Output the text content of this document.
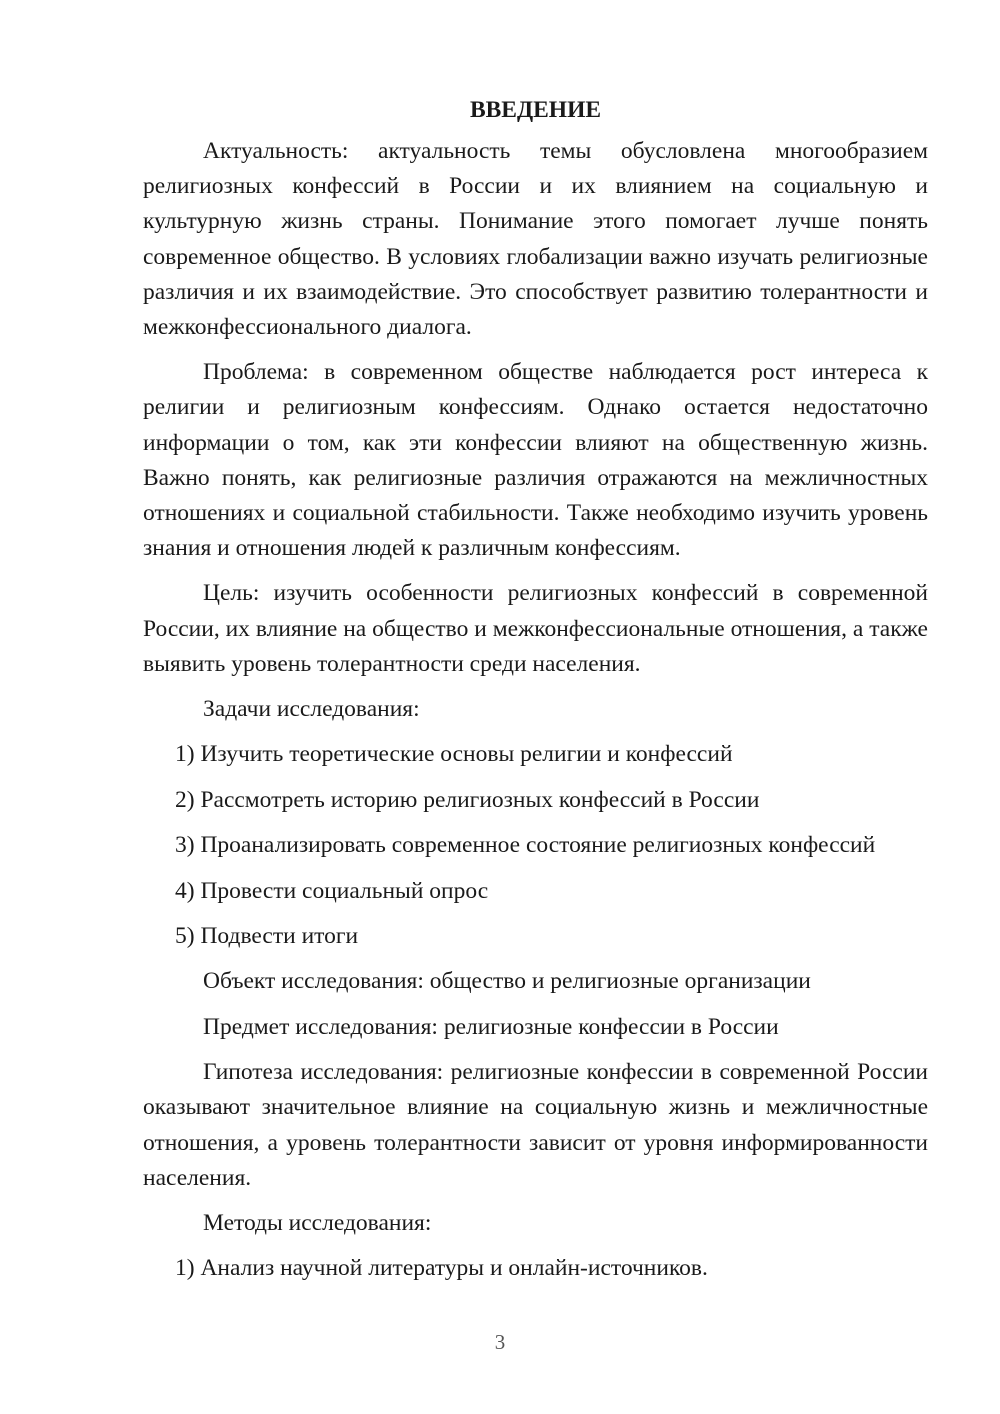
ВВЕДЕНИЕ

Актуальность: актуальность темы обусловлена многообразием религиозных конфессий в России и их влиянием на социальную и культурную жизнь страны. Понимание этого помогает лучше понять современное общество. В условиях глобализации важно изучать религиозные различия и их взаимодействие. Это способствует развитию толерантности и межконфессионального диалога.

Проблема: в современном обществе наблюдается рост интереса к религии и религиозным конфессиям. Однако остается недостаточно информации о том, как эти конфессии влияют на общественную жизнь. Важно понять, как религиозные различия отражаются на межличностных отношениях и социальной стабильности. Также необходимо изучить уровень знания и отношения людей к различным конфессиям.

Цель: изучить особенности религиозных конфессий в современной России, их влияние на общество и межконфессиональные отношения, а также выявить уровень толерантности среди населения.

Задачи исследования:

1) Изучить теоретические основы религии и конфессий

2) Рассмотреть историю религиозных конфессий в России

3) Проанализировать современное состояние религиозных конфессий

4) Провести социальный опрос

5) Подвести итоги

Объект исследования: общество и религиозные организации

Предмет исследования: религиозные конфессии в России

Гипотеза исследования: религиозные конфессии в современной России оказывают значительное влияние на социальную жизнь и межличностные отношения, а уровень толерантности зависит от уровня информированности населения.

Методы исследования:

1) Анализ научной литературы и онлайн-источников.

3
